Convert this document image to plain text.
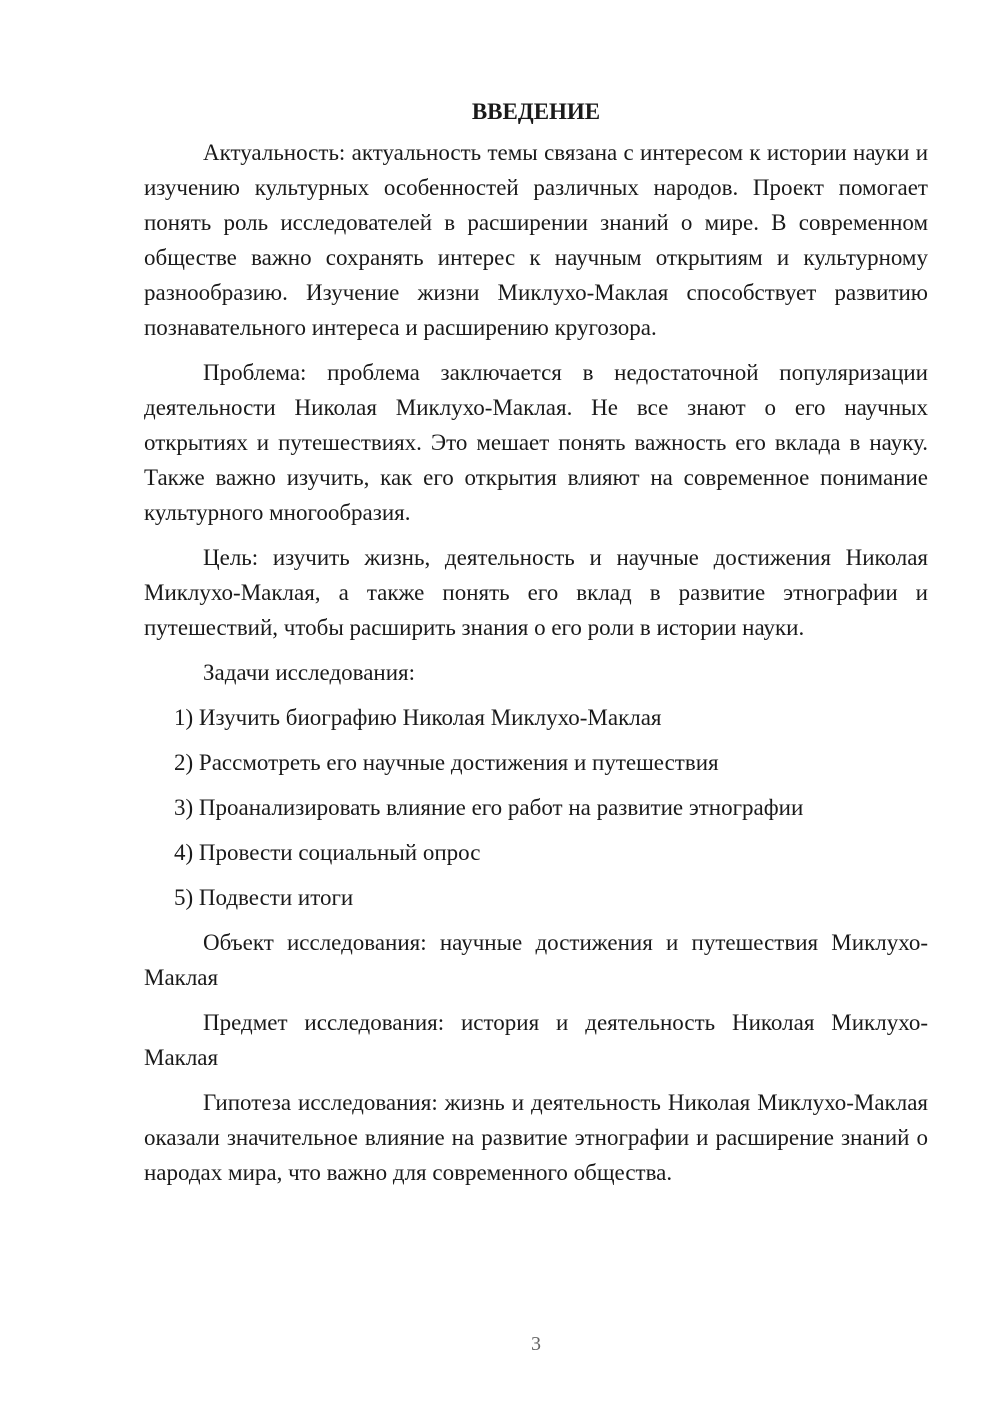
ВВЕДЕНИЕ

Актуальность: актуальность темы связана с интересом к истории науки и изучению культурных особенностей различных народов. Проект помогает понять роль исследователей в расширении знаний о мире. В современном обществе важно сохранять интерес к научным открытиям и культурному разнообразию. Изучение жизни Миклухо-Маклая способствует развитию познавательного интереса и расширению кругозора.

Проблема: проблема заключается в недостаточной популяризации деятельности Николая Миклухо-Маклая. Не все знают о его научных открытиях и путешествиях. Это мешает понять важность его вклада в науку. Также важно изучить, как его открытия влияют на современное понимание культурного многообразия.

Цель: изучить жизнь, деятельность и научные достижения Николая Миклухо-Маклая, а также понять его вклад в развитие этнографии и путешествий, чтобы расширить знания о его роли в истории науки.

Задачи исследования:
1) Изучить биографию Николая Миклухо-Маклая
2) Рассмотреть его научные достижения и путешествия
3) Проанализировать влияние его работ на развитие этнографии
4) Провести социальный опрос
5) Подвести итоги

Объект исследования: научные достижения и путешествия Миклухо-Маклая

Предмет исследования: история и деятельность Николая Миклухо-Маклая

Гипотеза исследования: жизнь и деятельность Николая Миклухо-Маклая оказали значительное влияние на развитие этнографии и расширение знаний о народах мира, что важно для современного общества.

3
